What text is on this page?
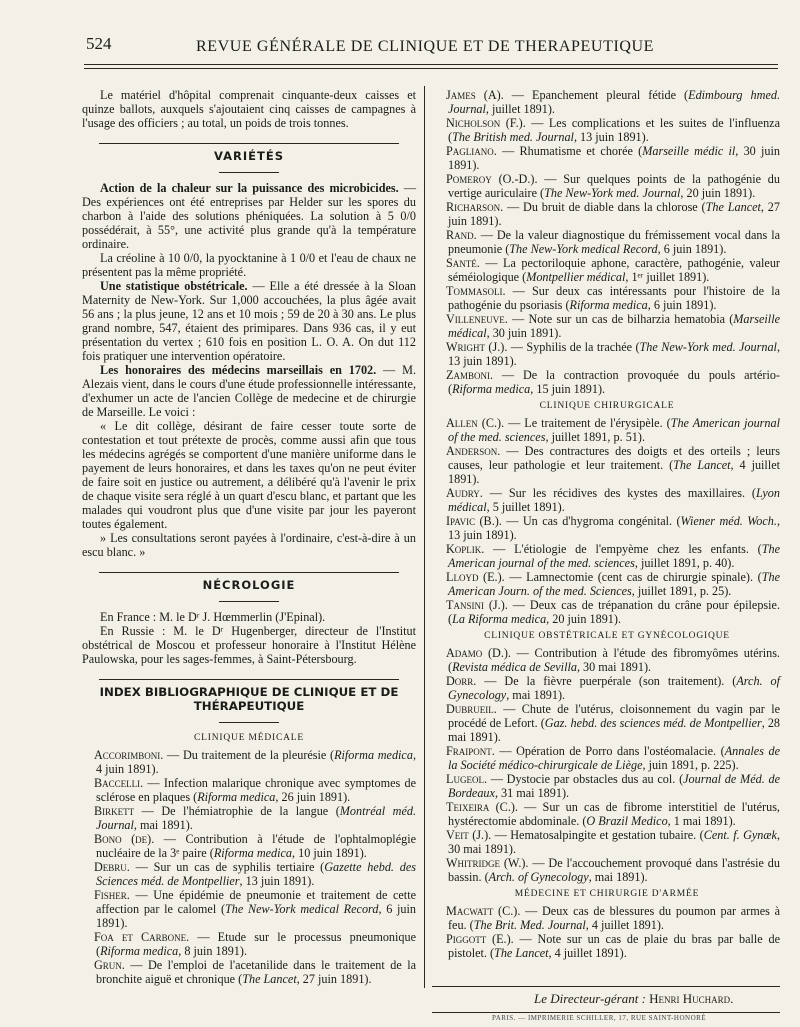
524	REVUE GÉNÉRALE DE CLINIQUE ET DE THERAPEUTIQUE

Le matériel d'hôpital comprenait cinquante-deux caisses et quinze ballots, auxquels s'ajoutaient cinq caisses de campagnes à l'usage des officiers ; au total, un poids de trois tonnes.

VARIÉTÉS

Action de la chaleur sur la puissance des microbicides. — Des expériences ont été entreprises par Helder sur les spores du charbon à l'aide des solutions phéniquées. La solution à 5 0/0 possédérait, à 55°, une activité plus grande qu'à la température ordinaire.

La créoline à 10 0/0, la pyocktanine à 1 0/0 et l'eau de chaux ne présentent pas la même propriété.

Une statistique obstétricale. — Elle a été dressée à la Sloan Maternity de New-York. Sur 1,000 accouchées, la plus âgée avait 56 ans ; la plus jeune, 12 ans et 10 mois ; 59 de 20 à 30 ans. Le plus grand nombre, 547, étaient des primipares. Dans 936 cas, il y eut présentation du vertex ; 610 fois en position L. O. A. On dut 112 fois pratiquer une intervention opératoire.

Les honoraires des médecins marseillais en 1702. — M. Alezais vient, dans le cours d'une étude professionnelle intéressante, d'exhumer un acte de l'ancien Collège de medecine et de chirurgie de Marseille. Le voici :

« Le dit collège, désirant de faire cesser toute sorte de contestation et tout prétexte de procès, comme aussi afin que tous les médecins agrégés se comportent d'une manière uniforme dans le payement de leurs honoraires, et dans les taxes qu'on ne peut éviter de faire soit en justice ou autrement, a délibéré qu'à l'avenir le prix de chaque visite sera réglé à un quart d'escu blanc, et partant que les malades qui voudront plus que d'une visite par jour les payeront toutes également.

» Les consultations seront payées à l'ordinaire, c'est-à-dire à un escu blanc. »

NÉCROLOGIE

En France : M. le Dʳ J. Hœmmerlin (J'Epinal).

En Russie : M. le Dʳ Hugenberger, directeur de l'Institut obstétrical de Moscou et professeur honoraire à l'Institut Hélène Paulowska, pour les sages-femmes, à Saint-Pétersbourg.

INDEX BIBLIOGRAPHIQUE DE CLINIQUE ET DE THÉRAPEUTIQUE
CLINIQUE MÉDICALE

Accorimboni. — Du traitement de la pleurésie (Riforma medica, 4 juin 1891).

Baccelli. — Infection malarique chronique avec symptomes de sclérose en plaques (Riforma medica, 26 juin 1891).

Birkett — De l'hémiatrophie de la langue (Montréal méd. Journal, mai 1891).

Bono (de). — Contribution à l'étude de l'ophtalmoplégie nucléaire de la 3ᵉ paire (Riforma medica, 10 juin 1891).

Debru. — Sur un cas de syphilis tertiaire (Gazette hebd. des Sciences méd. de Montpellier, 13 juin 1891).

Fisher. — Une épidémie de pneumonie et traitement de cette affection par le calomel (The New-York medical Record, 6 juin 1891).

Foa et Carbone. — Etude sur le processus pneumonique (Riforma medica, 8 juin 1891).

Grun. — De l'emploi de l'acetanilide dans le traitement de la bronchite aiguë et chronique (The Lancet, 27 juin 1891).

James (A). — Epanchement pleural fétide (Edimbourg hmed. Journal, juillet 1891).

Nicholson (F.). — Les complications et les suites de l'influenza (The British med. Journal, 13 juin 1891).

Pagliano. — Rhumatisme et chorée (Marseille médic il, 30 juin 1891).

Pomeroy (O.-D.). — Sur quelques points de la pathogénie du vertige auriculaire (The New-York med. Journal, 20 juin 1891).

Richarson. — Du bruit de diable dans la chlorose (The Lancet, 27 juin 1891).

Rand. — De la valeur diagnostique du frémissement vocal dans la pneumonie (The New-York medical Record, 6 juin 1891).

Santé. — La pectoriloquie aphone, caractère, pathogénie, valeur séméiologique (Montpellier médical, 1ᵉʳ juillet 1891).

Tommasoli. — Sur deux cas intéressants pour l'histoire de la pathogénie du psoriasis (Riforma medica, 6 juin 1891).

Villeneuve. — Note sur un cas de bilharzia hematobia (Marseille médical, 30 juin 1891).

Wright (J.). — Syphilis de la trachée (The New-York med. Journal, 13 juin 1891).

Zamboni. — De la contraction provoquée du pouls artério- (Riforma medica, 15 juin 1891).

CLINIQUE CHIRURGICALE

Allen (C.). — Le traitement de l'érysipèle. (The American journal of the med. sciences, juillet 1891, p. 51).

Anderson. — Des contractures des doigts et des orteils ; leurs causes, leur pathologie et leur traitement. (The Lancet, 4 juillet 1891).

Audry. — Sur les récidives des kystes des maxillaires. (Lyon médical, 5 juillet 1891).

Ipavic (B.). — Un cas d'hygroma congénital. (Wiener méd. Woch., 13 juin 1891).

Koplik. — L'étiologie de l'empyème chez les enfants. (The American journal of the med. sciences, juillet 1891, p. 40).

Lloyd (E.). — Lamnectomie (cent cas de chirurgie spinale). (The American Journ. of the med. Sciences, juillet 1891, p. 25).

Tansini (J.). — Deux cas de trépanation du crâne pour épilepsie. (La Riforma medica, 20 juin 1891).

CLINIQUE OBSTÉTRICALE ET GYNÉCOLOGIQUE

Adamo (D.). — Contribution à l'étude des fibromyômes utérins. (Revista médica de Sevilla, 30 mai 1891).

Dorr. — De la fièvre puerpérale (son traitement). (Arch. of Gynecology, mai 1891).

Dubrueil. — Chute de l'utérus, cloisonnement du vagin par le procédé de Lefort. (Gaz. hebd. des sciences méd. de Montpellier, 28 mai 1891).

Fraipont. — Opération de Porro dans l'ostéomalacie. (Annales de la Société médico-chirurgicale de Liège, juin 1891, p. 225).

Lugeol. — Dystocie par obstacles dus au col. (Journal de Méd. de Bordeaux, 31 mai 1891).

Teixeira (C.). — Sur un cas de fibrome interstitiel de l'utérus, hystérectomie abdominale. (O Brazil Medico, 1 mai 1891).

Veit (J.). — Hematosalpingite et gestation tubaire. (Cent. f. Gynæk, 30 mai 1891).

Whitridge (W.). — De l'accouchement provoqué dans l'astrésie du bassin. (Arch. of Gynecology, mai 1891).

MÉDECINE ET CHIRURGIE D'ARMÉE

Macwatt (C.). — Deux cas de blessures du poumon par armes à feu. (The Brit. Med. Journal, 4 juillet 1891).

Piggott (E.). — Note sur un cas de plaie du bras par balle de pistolet. (The Lancet, 4 juillet 1891).

Le Directeur-gérant : Henri Huchard.
PARIS. — IMPRIMERIE SCHILLER, 17, RUE SAINT-HONORÉ
